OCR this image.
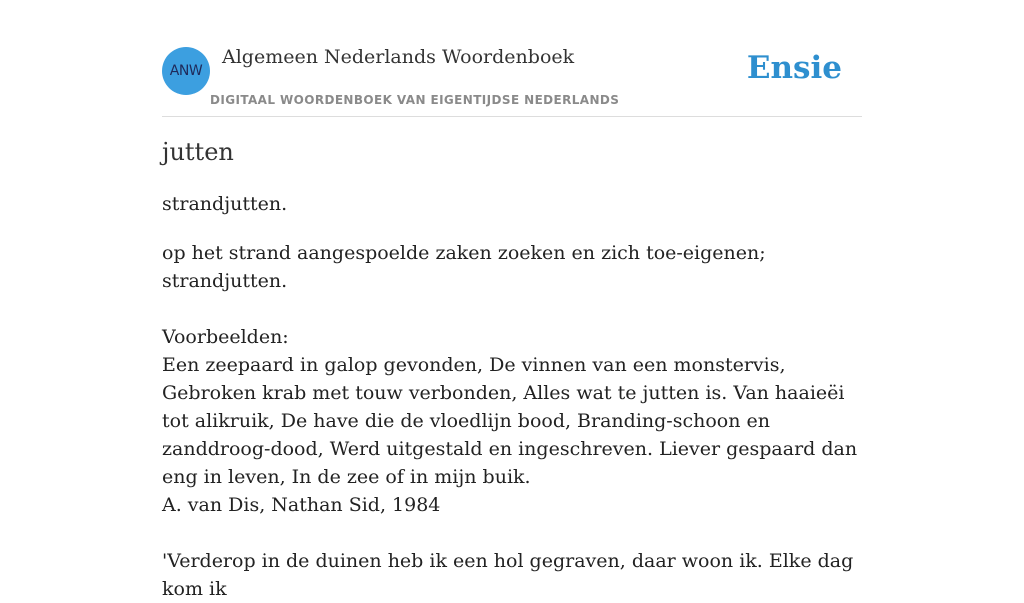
ANW
Algemeen Nederlands Woordenboek
DIGITAAL WOORDENBOEK VAN EIGENTIJDSE NEDERLANDS
Ensie
jutten

strandjutten.

op het strand aangespoelde zaken zoeken en zich toe-eigenen; strandjutten.

Voorbeelden:

Een zeepaard in galop gevonden, De vinnen van een monstervis, Gebroken krab met touw verbonden, Alles wat te jutten is. Van haaieëi tot alikruik, De have die de vloedlijn bood, Branding-schoon en zanddroog-dood, Werd uitgestald en ingeschreven. Liever gespaard dan eng in leven, In de zee of in mijn buik.

A. van Dis, Nathan Sid, 1984

'Verderop in de duinen heb ik een hol gegraven, daar woon ik. Elke dag kom ik
